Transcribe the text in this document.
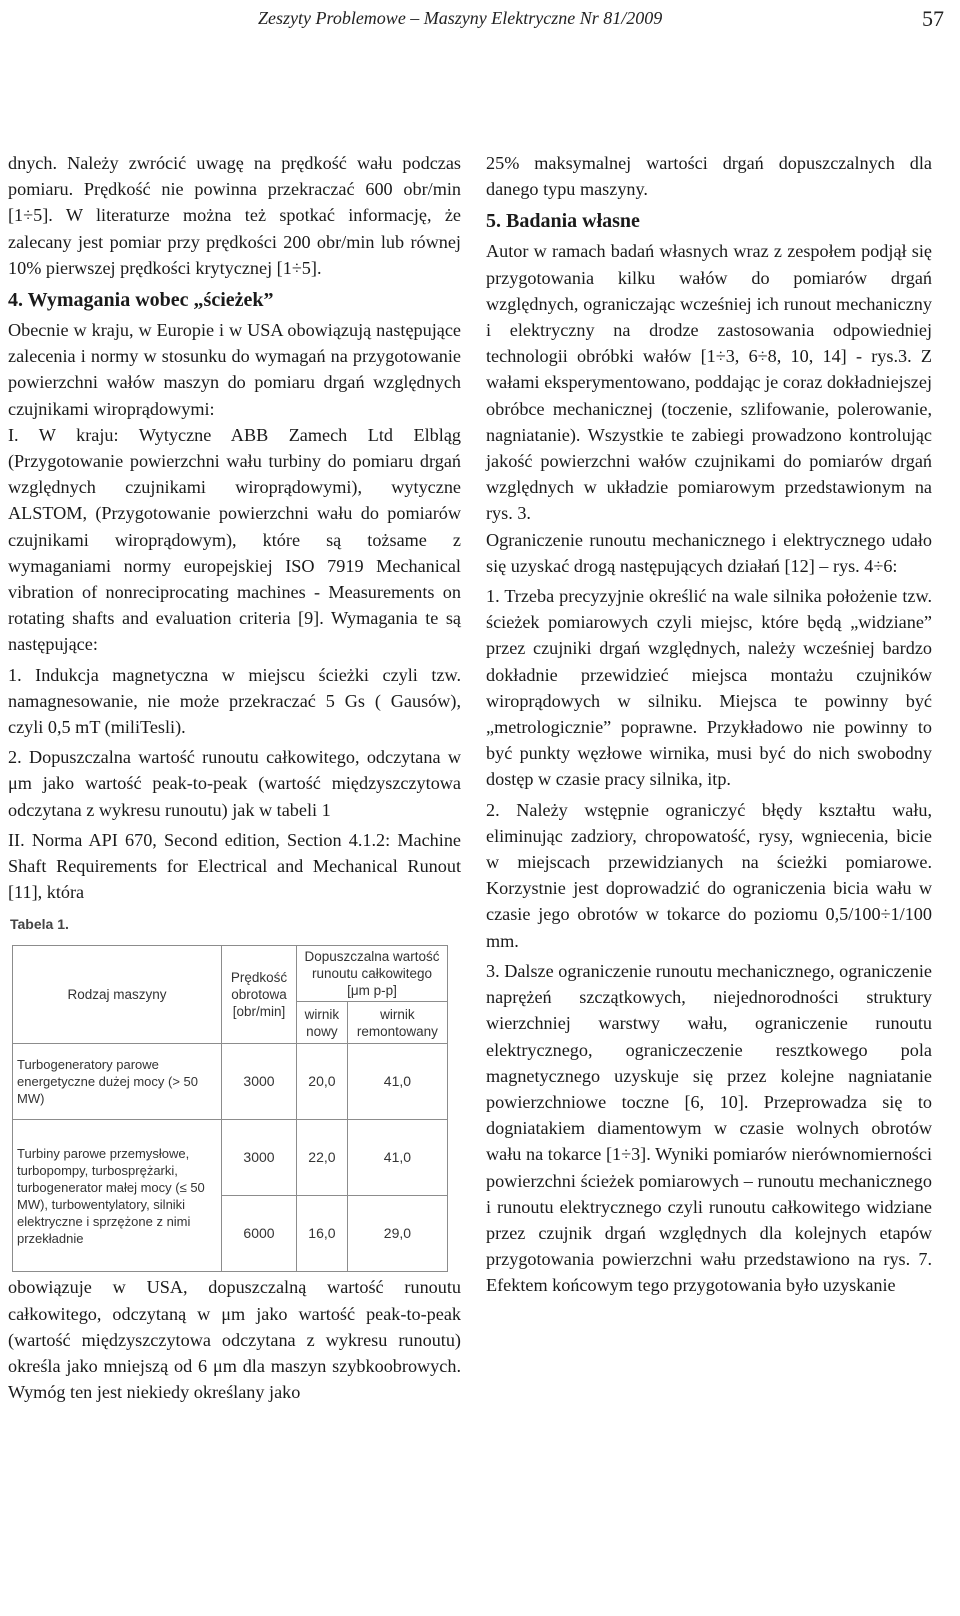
Zeszyty Problemowe – Maszyny Elektryczne Nr 81/2009	57

dnych. Należy zwrócić uwagę na prędkość wału podczas pomiaru. Prędkość nie powinna przekraczać 600 obr/min [1÷5]. W literaturze można też spotkać informację, że zalecany jest pomiar przy prędkości 200 obr/min lub równej 10% pierwszej prędkości krytycznej [1÷5].

4. Wymagania wobec „ścieżek”

Obecnie w kraju, w Europie i w USA obowiązują następujące zalecenia i normy w stosunku do wymagań na przygotowanie powierzchni wałów maszyn do pomiaru drgań względnych czujnikami wiroprądowymi:

I. W kraju: Wytyczne ABB Zamech Ltd Elbląg (Przygotowanie powierzchni wału turbiny do pomiaru drgań względnych czujnikami wiroprądowymi), wytyczne ALSTOM, (Przygotowanie powierzchni wału do pomiarów czujnikami wiroprądowym), które są tożsame z wymaganiami normy europejskiej ISO 7919 Mechanical vibration of nonreciprocating machines - Measurements on rotating shafts and evaluation criteria [9]. Wymagania te są następujące:

1. Indukcja magnetyczna w miejscu ścieżki czyli tzw. namagnesowanie, nie może przekraczać 5 Gs ( Gausów), czyli 0,5 mT (miliTesli).

2. Dopuszczalna wartość runoutu całkowitego, odczytana w μm jako wartość peak-to-peak (wartość międzyszczytowa odczytana z wykresu runoutu) jak w tabeli 1

II. Norma API 670, Second edition, Section 4.1.2: Machine Shaft Requirements for Electrical and Mechanical Runout [11], która

Tabela 1.
Rodzaj maszyny	Prędkość obrotowa [obr/min]	Dopuszczalna wartość runoutu całkowitego [μm p-p]	
		wirnik nowy	wirnik remontowany
Turbogeneratory parowe energetyczne dużej mocy (> 50 MW)	3000	20,0	41,0
Turbiny parowe przemysłowe, turbopompy, turbosprężarki, turbogenerator małej mocy (≤ 50 MW), turbowentylatory, silniki elektryczne i sprzężone z nimi przekładnie	3000	22,0	41,0
	6000	16,0	29,0

obowiązuje w USA, dopuszczalną wartość runoutu całkowitego, odczytaną w μm jako wartość peak-to-peak (wartość międzyszczytowa odczytana z wykresu runoutu) określa jako mniejszą od 6 μm dla maszyn szybkoobrowych. Wymóg ten jest niekiedy określany jako

25% maksymalnej wartości drgań dopuszczalnych dla danego typu maszyny.

5. Badania własne

Autor w ramach badań własnych wraz z zespołem podjął się przygotowania kilku wałów do pomiarów drgań względnych, ograniczając wcześniej ich runout mechaniczny i elektryczny na drodze zastosowania odpowiedniej technologii obróbki wałów [1÷3, 6÷8, 10, 14] - rys.3. Z wałami eksperymentowano, poddając je coraz dokładniejszej obróbce mechanicznej (toczenie, szlifowanie, polerowanie, nagniatanie). Wszystkie te zabiegi prowadzono kontrolując jakość powierzchni wałów czujnikami do pomiarów drgań względnych w układzie pomiarowym przedstawionym na rys. 3.

Ograniczenie runoutu mechanicznego i elektrycznego udało się uzyskać drogą następujących działań [12] – rys. 4÷6:

1. Trzeba precyzyjnie określić na wale silnika położenie tzw. ścieżek pomiarowych czyli miejsc, które będą „widziane” przez czujniki drgań względnych, należy wcześniej bardzo dokładnie przewidzieć miejsca montażu czujników wiroprądowych w silniku. Miejsca te powinny być „metrologicznie” poprawne. Przykładowo nie powinny to być punkty węzłowe wirnika, musi być do nich swobodny dostęp w czasie pracy silnika, itp.

2. Należy wstępnie ograniczyć błędy kształtu wału, eliminując zadziory, chropowatość, rysy, wgniecenia, bicie w miejscach przewidzianych na ścieżki pomiarowe. Korzystnie jest doprowadzić do ograniczenia bicia wału w czasie jego obrotów w tokarce do poziomu 0,5/100÷1/100 mm.

3. Dalsze ograniczenie runoutu mechanicznego, ograniczenie naprężeń szczątkowych, niejednorodności struktury wierzchniej warstwy wału, ograniczenie runoutu elektrycznego, ograniczeczenie resztkowego pola magnetycznego uzyskuje się przez kolejne nagniatanie powierzchniowe toczne [6, 10]. Przeprowadza się to dogniatakiem diamentowym w czasie wolnych obrotów wału na tokarce [1÷3]. Wyniki pomiarów nierównomierności powierzchni ścieżek pomiarowych – runoutu mechanicznego i runoutu elektrycznego czyli runoutu całkowitego widziane przez czujnik drgań względnych dla kolejnych etapów przygotowania powierzchni wału przedstawiono na rys. 7. Efektem końcowym tego przygotowania było uzyskanie
